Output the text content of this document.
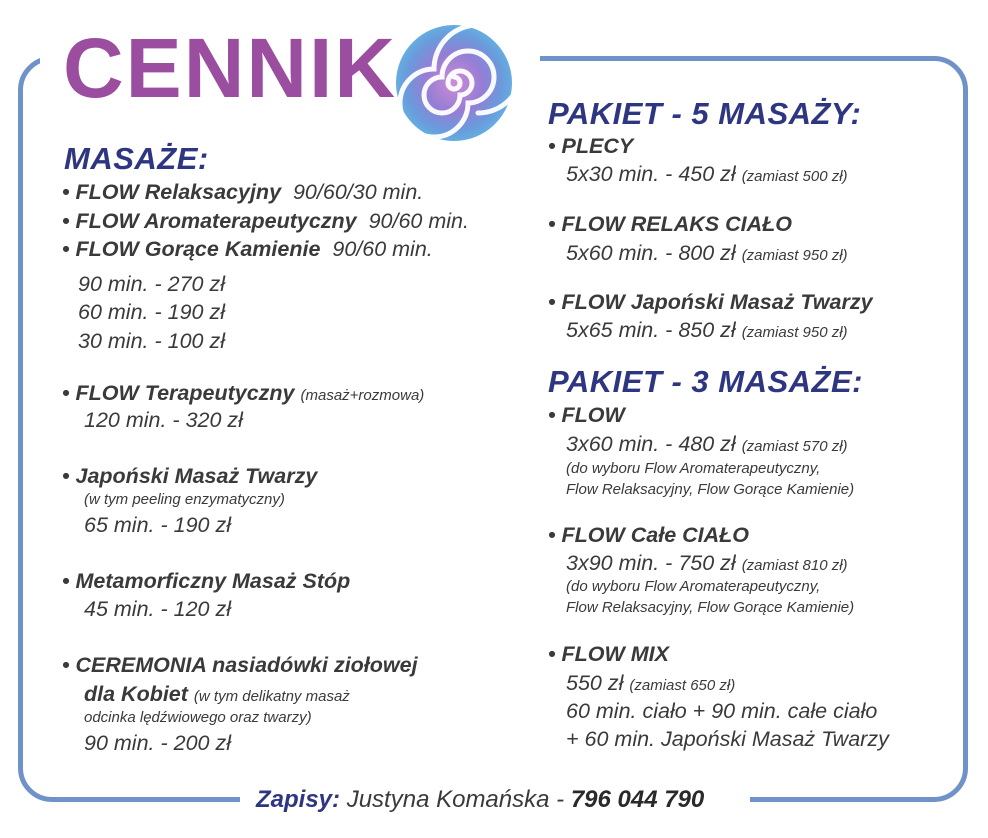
CENNIK
MASAŻE:
• FLOW Relaksacyjny  90/60/30 min.
• FLOW Aromaterapeutyczny  90/60 min.
• FLOW Gorące Kamienie  90/60 min.
90 min. - 270 zł
60 min. - 190 zł
30 min. - 100 zł
• FLOW Terapeutyczny (masaż+rozmowa)
120 min. - 320 zł
• Japoński Masaż Twarzy
(w tym peeling enzymatyczny)
65 min. - 190 zł
• Metamorficzny Masaż Stóp
45 min. - 120 zł
• CEREMONIA nasiadówki ziołowej
dla Kobiet (w tym delikatny masaż
odcinka lędźwiowego oraz twarzy)
90 min. - 200 zł
PAKIET - 5 MASAŻY:
• PLECY
5x30 min. - 450 zł (zamiast 500 zł)
• FLOW RELAKS CIAŁO
5x60 min. - 800 zł (zamiast 950 zł)
• FLOW Japoński Masaż Twarzy
5x65 min. - 850 zł (zamiast 950 zł)
PAKIET - 3 MASAŻE:
• FLOW
3x60 min. - 480 zł (zamiast 570 zł)
(do wyboru Flow Aromaterapeutyczny,
Flow Relaksacyjny, Flow Gorące Kamienie)
• FLOW Całe CIAŁO
3x90 min. - 750 zł (zamiast 810 zł)
(do wyboru Flow Aromaterapeutyczny,
Flow Relaksacyjny, Flow Gorące Kamienie)
• FLOW MIX
550 zł (zamiast 650 zł)
60 min. ciało + 90 min. całe ciało
+ 60 min. Japoński Masaż Twarzy
Zapisy: Justyna Komańska - 796 044 790
